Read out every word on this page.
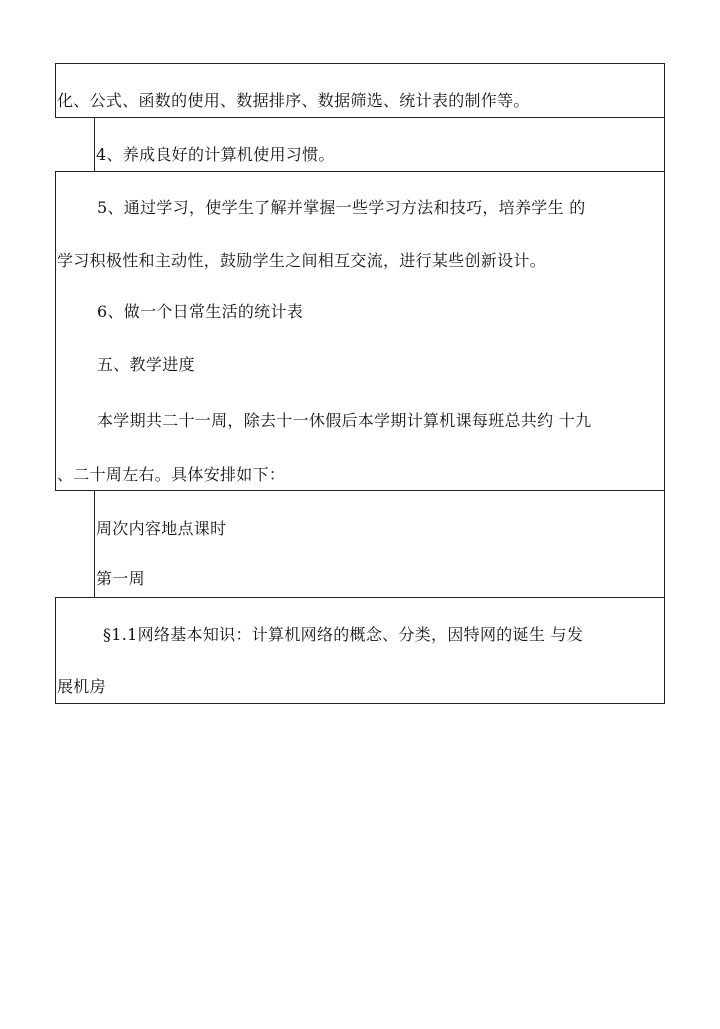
化、公式、函数的使用、数据排序、数据筛选、统计表的制作等。
4、养成良好的计算机使用习惯。
5、通过学习，使学生了解并掌握一些学习方法和技巧，培养学生 的
学习积极性和主动性，鼓励学生之间相互交流，进行某些创新设计。
6、做一个日常生活的统计表
五、教学进度
本学期共二十一周，除去十一休假后本学期计算机课每班总共约 十九
、二十周左右。具体安排如下：
周次内容地点课时
第一周
§1.1网络基本知识：计算机网络的概念、分类，因特网的诞生 与发
展机房
